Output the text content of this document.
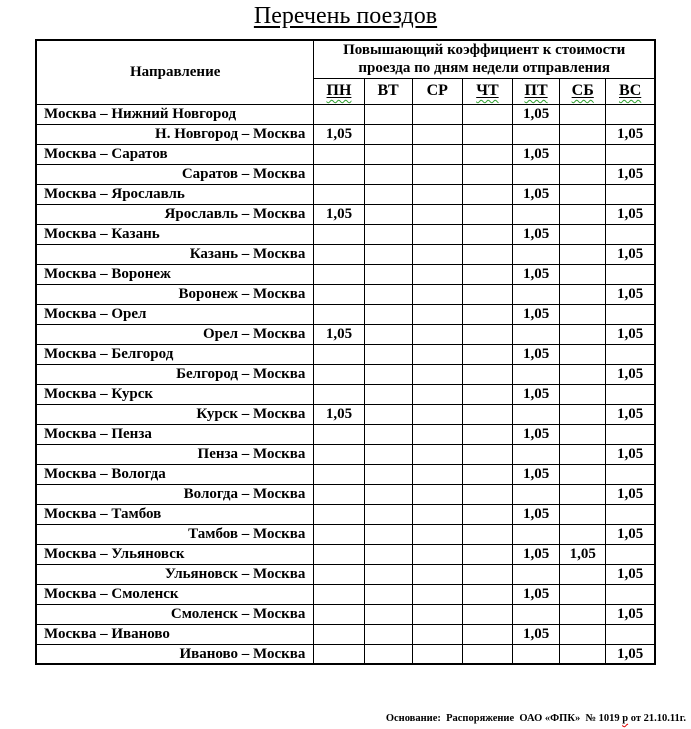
Перечень поездов
Направление	Повышающий коэффициент к стоимости
проезда по дням недели отправления						

	ПН	ВТ	СР	ЧТ	ПТ	СБ	ВС
Москва – Нижний Новгород					1,05		
Н. Новгород – Москва	1,05						1,05
Москва – Саратов					1,05		
Саратов – Москва							1,05
Москва – Ярославль					1,05		
Ярославль – Москва	1,05						1,05
Москва – Казань					1,05		
Казань – Москва							1,05
Москва – Воронеж					1,05		
Воронеж – Москва							1,05
Москва – Орел					1,05		
Орел – Москва	1,05						1,05
Москва – Белгород					1,05		
Белгород – Москва							1,05
Москва – Курск					1,05		
Курск – Москва	1,05						1,05
Москва – Пенза					1,05		
Пенза – Москва							1,05
Москва – Вологда					1,05		
Вологда – Москва							1,05
Москва – Тамбов					1,05		
Тамбов – Москва							1,05
Москва – Ульяновск					1,05	1,05	
Ульяновск – Москва							1,05
Москва – Смоленск					1,05		
Смоленск – Москва							1,05
Москва – Иваново					1,05		
Иваново – Москва							1,05
Основание:  Распоряжение  ОАО «ФПК»  № 1019 р от 21.10.11г.
